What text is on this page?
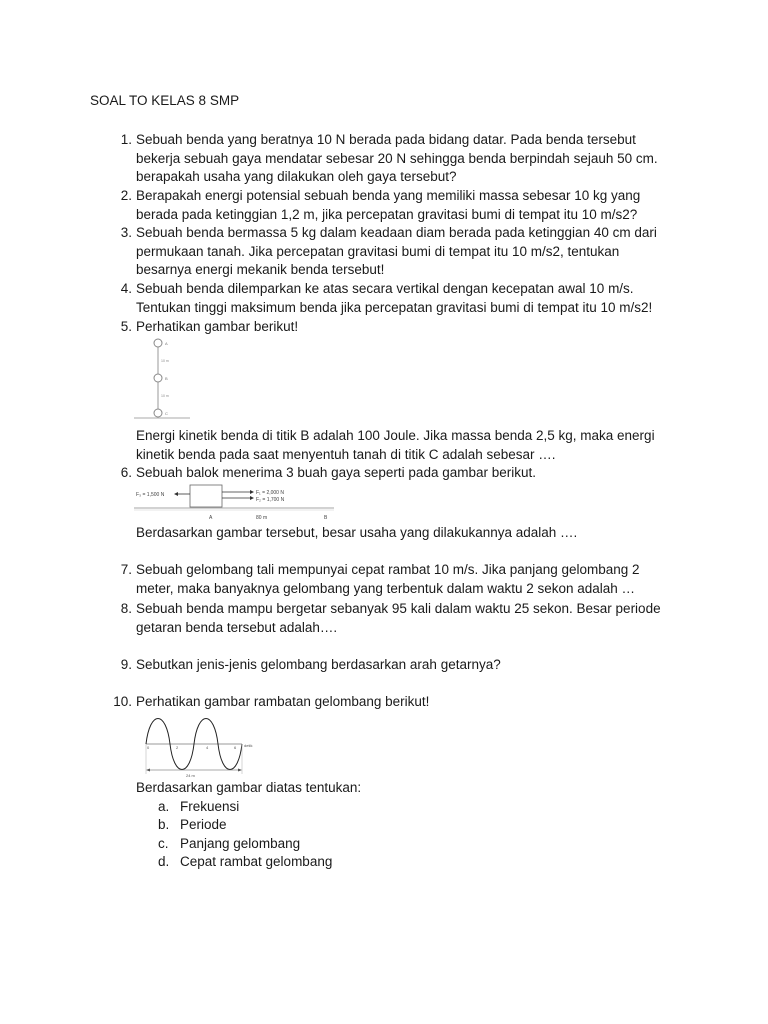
SOAL TO KELAS 8 SMP
1. Sebuah benda yang beratnya 10 N berada pada bidang datar. Pada benda tersebut
bekerja sebuah gaya mendatar sebesar 20 N sehingga benda berpindah sejauh 50 cm.
berapakah usaha yang dilakukan oleh gaya tersebut?
2. Berapakah energi potensial sebuah benda yang memiliki massa sebesar 10 kg yang
berada pada ketinggian 1,2 m, jika percepatan gravitasi bumi di tempat itu 10 m/s2?
3. Sebuah benda bermassa 5 kg dalam keadaan diam berada pada ketinggian 40 cm dari
permukaan tanah. Jika percepatan gravitasi bumi di tempat itu 10 m/s2, tentukan
besarnya energi mekanik benda tersebut!
4. Sebuah benda dilemparkan ke atas secara vertikal dengan kecepatan awal 10 m/s.
Tentukan tinggi maksimum benda jika percepatan gravitasi bumi di tempat itu 10 m/s2!
5. Perhatikan gambar berikut!
A
B
C
10 m
10 m
Energi kinetik benda di titik B adalah 100 Joule. Jika massa benda 2,5 kg, maka energi
kinetik benda pada saat menyentuh tanah di titik C adalah sebesar ….
6. Sebuah balok menerima 3 buah gaya seperti pada gambar berikut.
F₃ = 1,500 N	F₁ = 2,000 N
F₂ = 1,700 N
A	80 m	B
Berdasarkan gambar tersebut, besar usaha yang dilakukannya adalah ….
7. Sebuah gelombang tali mempunyai cepat rambat 10 m/s. Jika panjang gelombang 2
meter, maka banyaknya gelombang yang terbentuk dalam waktu 2 sekon adalah …
8. Sebuah benda mampu bergetar sebanyak 95 kali dalam waktu 25 sekon. Besar periode
getaran benda tersebut adalah….
9. Sebutkan jenis-jenis gelombang berdasarkan arah getarnya?
10. Perhatikan gambar rambatan gelombang berikut!
0	2	4	6 detik
24 m
Berdasarkan gambar diatas tentukan:
a. Frekuensi
b. Periode
c. Panjang gelombang
d. Cepat rambat gelombang
